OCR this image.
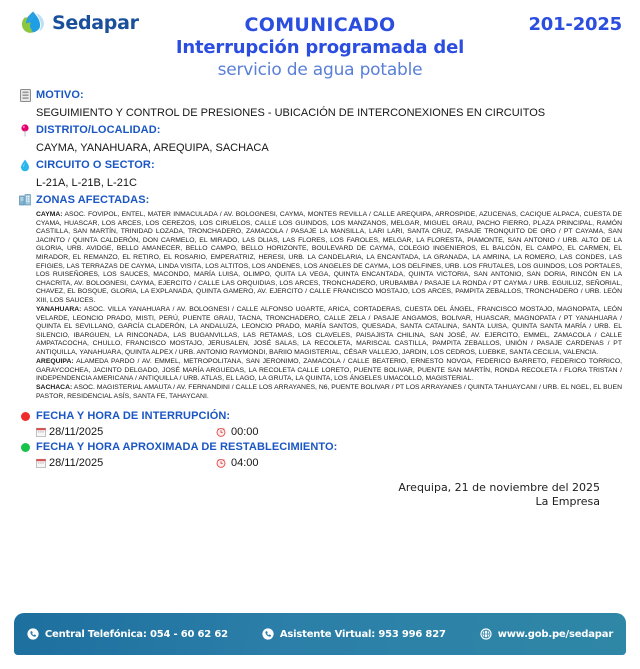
Sedapar	COMUNICADO
Interrupción programada del
servicio de agua potable
201-2025
MOTIVO:
SEGUIMIENTO Y CONTROL DE PRESIONES - UBICACIÓN DE INTERCONEXIONES EN CIRCUITOS
DISTRITO/LOCALIDAD:
CAYMA, YANAHUARA, AREQUIPA, SACHACA
CIRCUITO O SECTOR:
L-21A, L-21B, L-21C
ZONAS AFECTADAS:

CAYMA: ASOC. FOVIPOL, ENTEL, MATER INMACULADA / AV. BOLOGNESI, CAYMA, MONTES REVILLA / CALLE AREQUIPA, ARROSPIDE, AZUCENAS, CACIQUE ALPACA, CUESTA DE CYAMA, HUASCAR, LOS ARCES, LOS CEREZOS, LOS CIRUELOS, CALLE LOS GUINDOS, LOS MANZANOS, MELGAR, MIGUEL GRAU, PACHO FIERRO, PLAZA PRINCIPAL, RAMÓN CASTILLA, SAN MARTÍN, TRINIDAD LOZADA, TRONCHADERO, ZAMACOLA / PASAJE LA MANSILLA, LARI LARI, SANTA CRUZ, PASAJE TRONQUITO DE ORO / PT CAYAMA, SAN JACINTO / QUINTA CALDERÓN, DON CARMELO, EL MIRADO, LAS DLIAS, LAS FLORES, LOS FAROLES, MELGAR, LA FLORESTA, PIAMONTE, SAN ANTONIO / URB. ALTO DE LA GLORIA, URB. AVIDGE, BELLO AMANECER, BELLO CAMPO, BELLO HORIZONTE, BOULEVARD DE CAYMA, COLEGIO INGENIEROS, EL BALCÓN, EL CAMPO, EL CARMEN, EL MIRADOR, EL REMANZO, EL RETIRO, EL ROSARIO, EMPERATRIZ, HERESI, URB. LA CANDELARIA, LA ENCANTADA, LA GRANADA, LA AMRINA, LA ROMERO, LAS CONDES, LAS EFIGIES, LAS TERRAZAS DE CAYMA, LINDA VISITA, LOS ALTITOS, LOS ANDENES, LOS ANGELES DE CAYMA, LOS DELFINES, URB. LOS FRUTALES, LOS GUINDOS, LOS PORTALES, LOS RUISEÑORES, LOS SAUCES, MACONDO, MARÍA LUISA, OLIMPO, QUITA LA VEGA, QUINTA ENCANTADA, QUINTA VICTORIA, SAN ANTONIO, SAN DORIA, RINCÓN EN LA CHACRITA, AV. BOLOGNESI, CAYMA, EJERCITO / CALLE LAS ORQUIDIAS, LOS ARCES, TRONCHADERO, URUBAMBA / PASAJE LA RONDA / PT CAYMA / URB. EGUILUZ, SEÑORIAL, CHAVEZ, EL BOSQUE, GLORIA, LA EXPLANADA, QUINTA GAMERO, AV. EJERCITO / CALLE FRANCISCO MOSTAJO, LOS ARCES, PAMPITA ZEBALLOS, TRONCHADERO / URB. LEÓN XIII, LOS SAUCES.

YANAHUARA: ASOC. VILLA YANAHUARA / AV. BOLOGNESI / CALLE ALFONSO UGARTE, ARICA, CORTADERAS, CUESTA DEL ÁNGEL, FRANCISCO MOSTAJO, MAGNOPATA, LEÓN VELARDE, LEONCIO PRADO, MISTI, PERÚ, PUENTE GRAU, TACNA, TRONCHADERO, CALLE ZELA / PASAJE ANGAMOS, BOLIVAR, HUASCAR, MAGNOPATA / PT YANAHUARA / QUINTA EL SEVILLANO, GARCÍA CLADERÓN, LA ANDALUZA, LEONCIO PRADO, MARÍA SANTOS, QUESADA, SANTA CATALINA, SANTA LUISA, QUINTA SANTA MARÍA / URB. EL SILENCIO, IBARGUEN, LA RINCONADA, LAS BUGANVILLAS, LAS RETAMAS, LOS CLAVELES, PAISAJISTA CHILINA, SAN JOSÉ, AV. EJERCITO, EMMEL, ZAMACOLA / CALLE AMPATACOCHA, CHULLO, FRANCISCO MOSTAJO, JERUSALEN, JOSÉ SALAS, LA RECOLETA, MARISCAL CASTILLA, PAMPITA ZEBALLOS, UNIÓN / PASAJE CARDENAS / PT ANTIQUILLA, YANAHUARA, QUINTA ALPEX / URB. ANTONIO RAYMONDI, BARIIO MAGISTERIAL, CÉSAR VALLEJO, JARDIN, LOS CEDROS, LUEBKE, SANTA CECILIA, VALENCIA.

AREQUIPA: ALAMEDA PARDO / AV. EMMEL, METROPOLITANA, SAN JERONIMO, ZAMACOLA / CALLE BEATERIO, ERNESTO NOVOA, FEDERICO BARRETO, FEDERICO TORRICO, GARAYCOCHEA, JACINTO DELGADO, JOSÉ MARÍA ARGUEDAS, LA RECOLETA CALLE LORETO, PUENTE BOLIVAR, PUENTE SAN MARTÍN, RONDA RECOLETA / FLORA TRISTAN / INDEPENDENCIA AMERICANA / ANTIQUILLA / URB. ATLAS, EL LAGO, LA GRUTA, LA QUINTA, LOS ÁNGELES UMACOLLO, MAGISTERIAL.

SACHACA: ASOC. MAGISTERIAL AMAUTA / AV. FERNANDINI / CALLE LOS ARRAYANES, N6, PUENTE BOLIVAR / PT LOS ARRAYANES / QUINTA TAHUAYCANI / URB. EL NGEL, EL BUEN PASTOR, RESIDENCIAL ASÍS, SANTA FE, TAHAYCANI.

FECHA Y HORA DE INTERRUPCIÓN:
28/11/2025	00:00
FECHA Y HORA APROXIMADA DE RESTABLECIMIENTO:
28/11/2025	04:00
Arequipa, 21 de noviembre del 2025
La Empresa
Central Telefónica: 054 - 60 62 62	Asistente Virtual: 953 996 827	www.gob.pe/sedapar
